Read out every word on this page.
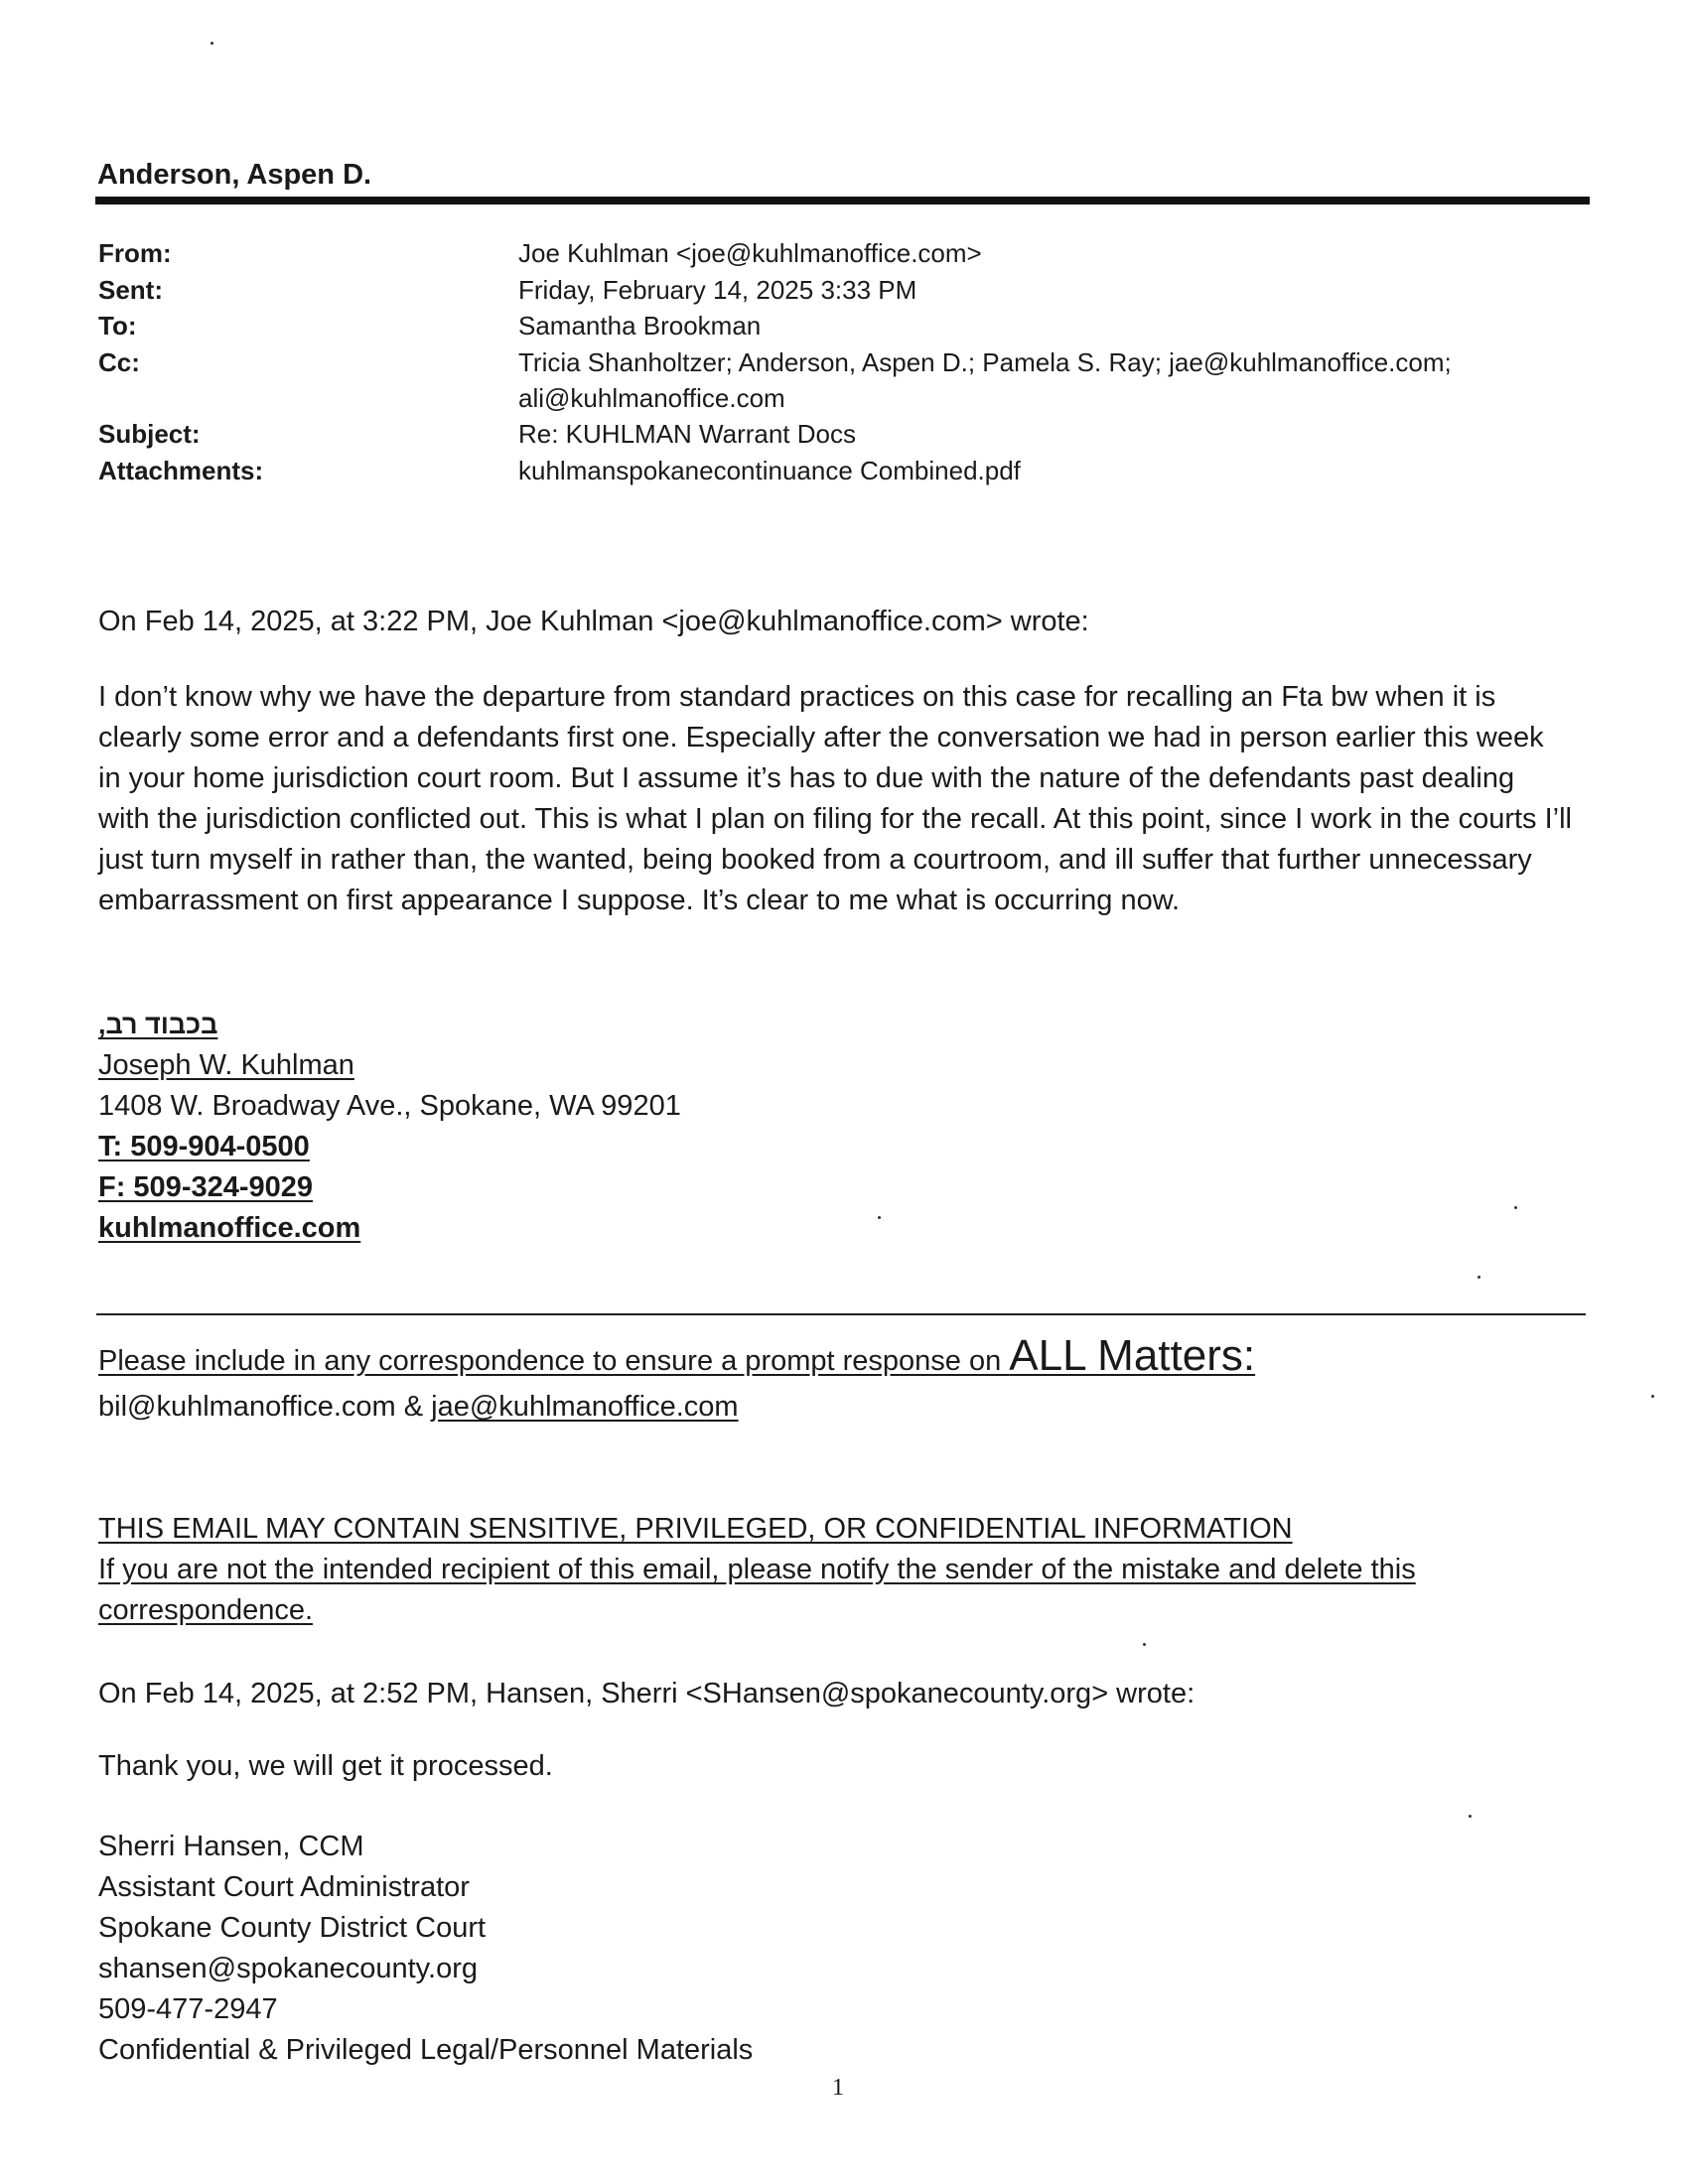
Anderson, Aspen D.
From:	Joe Kuhlman <joe@kuhlmanoffice.com>
Sent:	Friday, February 14, 2025 3:33 PM
To:	Samantha Brookman
Cc:	Tricia Shanholtzer; Anderson, Aspen D.; Pamela S. Ray; jae@kuhlmanoffice.com; ali@kuhlmanoffice.com
Subject:	Re: KUHLMAN Warrant Docs
Attachments:	kuhlmanspokanecontinuance Combined.pdf
On Feb 14, 2025, at 3:22 PM, Joe Kuhlman <joe@kuhlmanoffice.com> wrote:
I don’t know why we have the departure from standard practices on this case for recalling an Fta bw when it is clearly some error and a defendants first one. Especially after the conversation we had in person earlier this week in your home jurisdiction court room. But I assume it’s has to due with the nature of the defendants past dealing with the jurisdiction conflicted out. This is what I plan on filing for the recall. At this point, since I work in the courts I’ll just turn myself in rather than, the wanted, being booked from a courtroom, and ill suffer that further unnecessary embarrassment on first appearance I suppose. It’s clear to me what is occurring now.
בכבוד רב,
Joseph W. Kuhlman
1408 W. Broadway Ave., Spokane, WA 99201
T: 509-904-0500
F: 509-324-9029
kuhlmanoffice.com
Please include in any correspondence to ensure a prompt response on ALL Matters:
bil@kuhlmanoffice.com & jae@kuhlmanoffice.com
THIS EMAIL MAY CONTAIN SENSITIVE, PRIVILEGED, OR CONFIDENTIAL INFORMATION
If you are not the intended recipient of this email, please notify the sender of the mistake and delete this correspondence.
On Feb 14, 2025, at 2:52 PM, Hansen, Sherri <SHansen@spokanecounty.org> wrote:
Thank you, we will get it processed.
Sherri Hansen, CCM
Assistant Court Administrator
Spokane County District Court
shansen@spokanecounty.org
509-477-2947
Confidential & Privileged Legal/Personnel Materials
1
